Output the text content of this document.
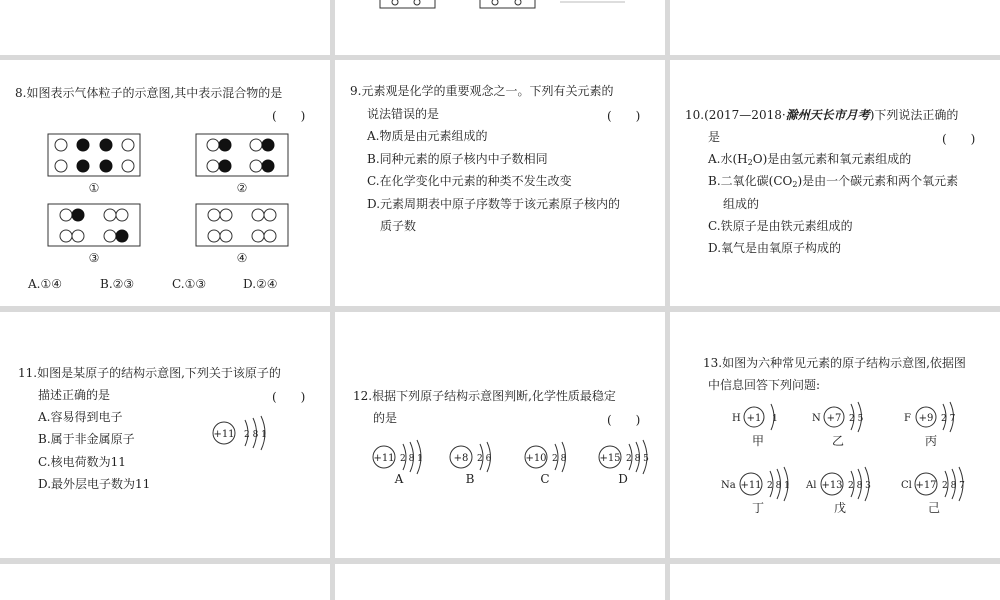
8.如图表示气体粒子的示意图,其中表示混合物的是
(　　)
①	②
③	④
A.①④	B.②③	C.①③	D.②④
9.元素观是化学的重要观念之一。下列有关元素的
说法错误的是	(　　)
A.物质是由元素组成的
B.同种元素的原子核内中子数相同
C.在化学变化中元素的种类不发生改变
D.元素周期表中原子序数等于该元素原子核内的
质子数
10.(2017—2018·滁州天长市月考)下列说法正确的
是	(　　)
A.水$(H_2O)$是由氢元素和氧元素组成的
B.二氧化碳$(CO_2)$是由一个碳元素和两个氧元素
组成的
C.铁原子是由铁元素组成的
D.氧气是由氧原子构成的
11.如图是某原子的结构示意图,下列关于该原子的
描述正确的是	(　　)
A.容易得到电子
B.属于非金属原子
C.核电荷数为11
D.最外层电子数为11
+11 2 8 1
12.根据下列原子结构示意图判断,化学性质最稳定
的是	(　　)
+11 2 8 1
A
+8 2 6
B
+10 2 8
C
+15 2 8 5
D
13.如图为六种常见元素的原子结构示意图,依据图
中信息回答下列问题:
H +1 1
甲
N +7 2 5
乙
F +9 2 7
丙
Na +11 2 8 1
丁
Al +13 2 8 3
戊
Cl +17 2 8 7
己
